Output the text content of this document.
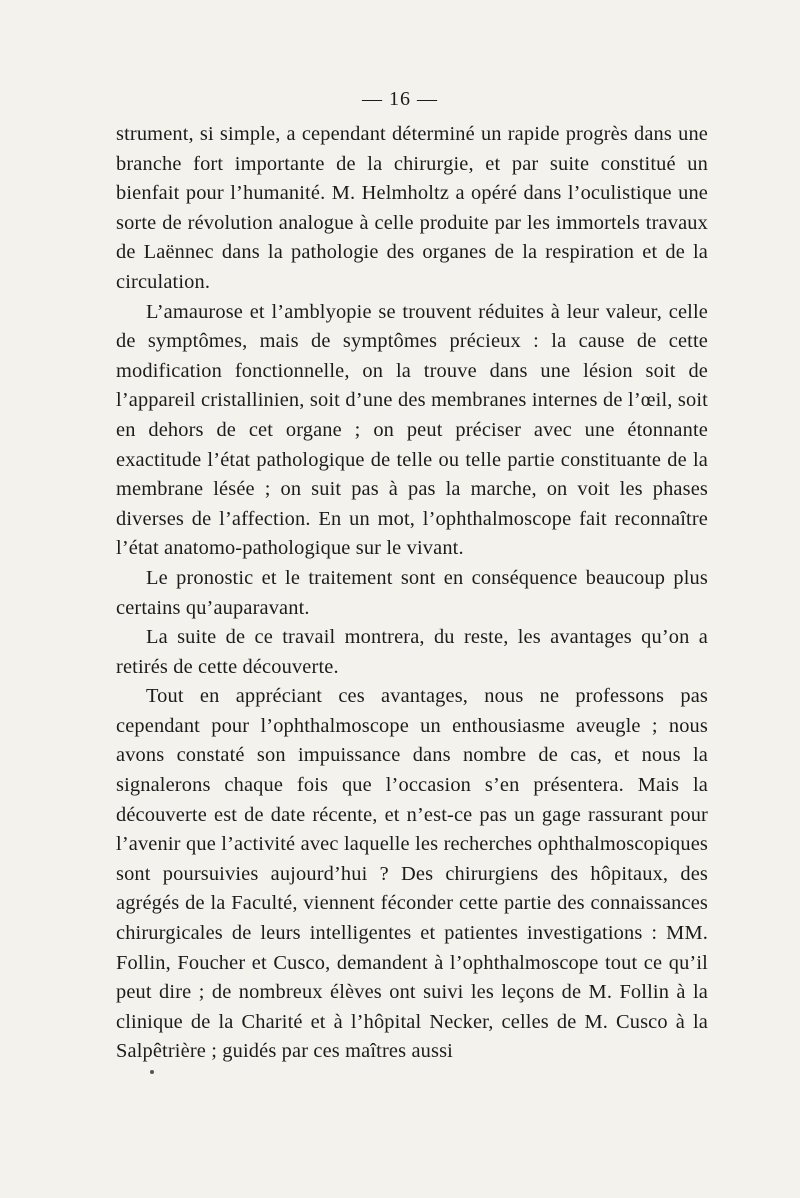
— 16 —

strument, si simple, a cependant déterminé un rapide progrès dans une branche fort importante de la chirurgie, et par suite constitué un bienfait pour l’humanité. M. Helmholtz a opéré dans l’oculistique une sorte de révolution analogue à celle produite par les immortels travaux de Laënnec dans la pathologie des organes de la respiration et de la circulation.

L’amaurose et l’amblyopie se trouvent réduites à leur valeur, celle de symptômes, mais de symptômes précieux : la cause de cette modification fonctionnelle, on la trouve dans une lésion soit de l’appareil cristallinien, soit d’une des membranes internes de l’œil, soit en dehors de cet organe ; on peut préciser avec une étonnante exactitude l’état pathologique de telle ou telle partie constituante de la membrane lésée ; on suit pas à pas la marche, on voit les phases diverses de l’affection. En un mot, l’ophthalmoscope fait reconnaître l’état anatomo-pathologique sur le vivant.

Le pronostic et le traitement sont en conséquence beaucoup plus certains qu’auparavant.

La suite de ce travail montrera, du reste, les avantages qu’on a retirés de cette découverte.

Tout en appréciant ces avantages, nous ne professons pas cependant pour l’ophthalmoscope un enthousiasme aveugle ; nous avons constaté son impuissance dans nombre de cas, et nous la signalerons chaque fois que l’occasion s’en présentera. Mais la découverte est de date récente, et n’est-ce pas un gage rassurant pour l’avenir que l’activité avec laquelle les recherches ophthalmoscopiques sont poursuivies aujourd’hui ? Des chirurgiens des hôpitaux, des agrégés de la Faculté, viennent féconder cette partie des connaissances chirurgicales de leurs intelligentes et patientes investigations : MM. Follin, Foucher et Cusco, demandent à l’ophthalmoscope tout ce qu’il peut dire ; de nombreux élèves ont suivi les leçons de M. Follin à la clinique de la Charité et à l’hôpital Necker, celles de M. Cusco à la Salpêtrière ; guidés par ces maîtres aussi
